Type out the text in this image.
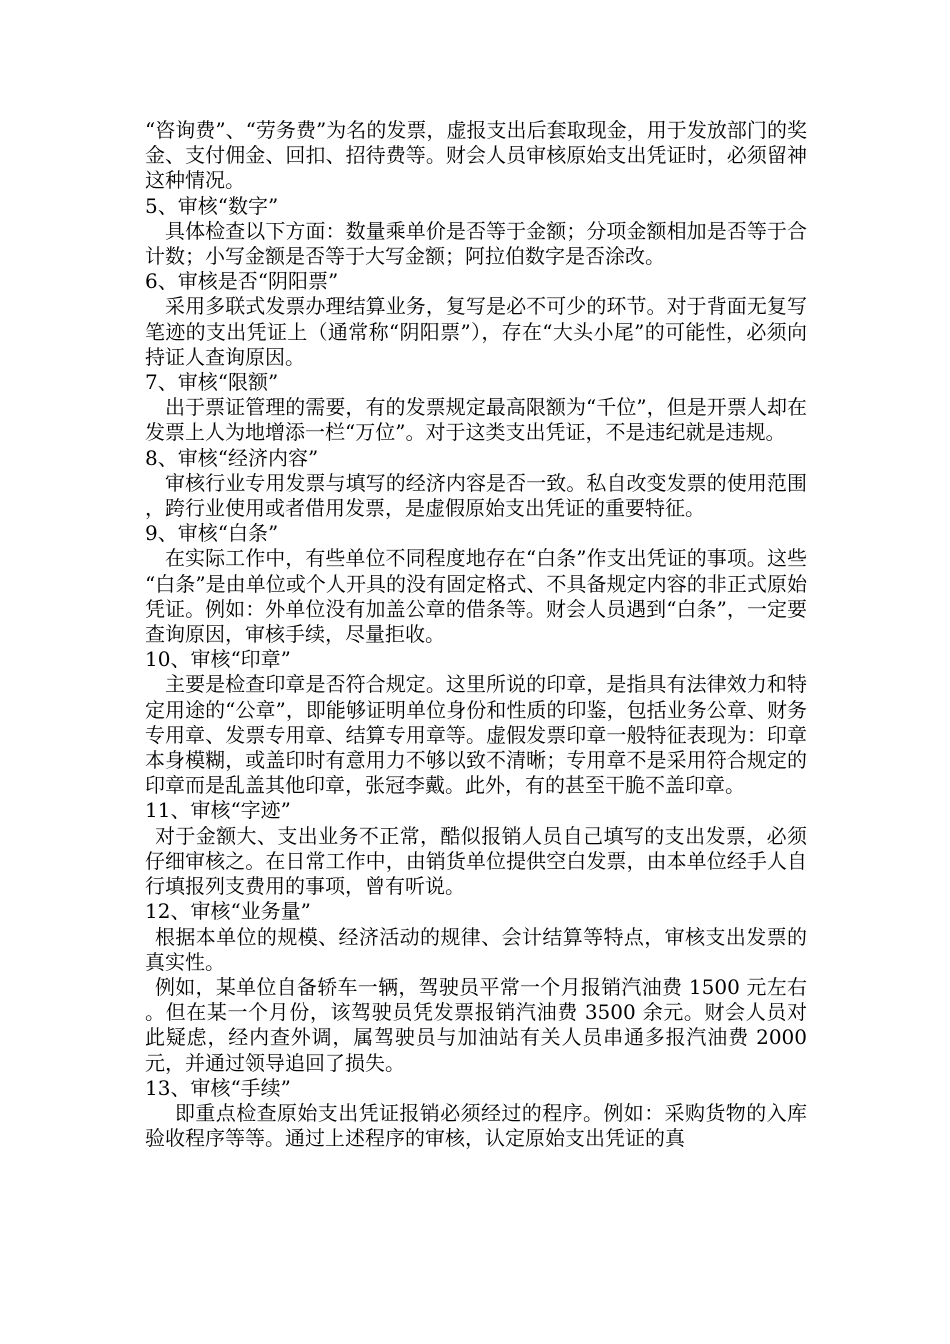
“咨询费”、“劳务费”为名的发票，虚报支出后套取现金，用于发放部门的奖金、支付佣金、回扣、招待费等。财会人员审核原始支出凭证时，必须留神这种情况。

5、审核“数字”

具体检查以下方面：数量乘单价是否等于金额；分项金额相加是否等于合计数；小写金额是否等于大写金额；阿拉伯数字是否涂改。

6、审核是否“阴阳票”

采用多联式发票办理结算业务，复写是必不可少的环节。对于背面无复写笔迹的支出凭证上（通常称“阴阳票”），存在“大头小尾”的可能性，必须向持证人查询原因。

7、审核“限额”

出于票证管理的需要，有的发票规定最高限额为“千位”，但是开票人却在发票上人为地增添一栏“万位”。对于这类支出凭证，不是违纪就是违规。

8、审核“经济内容”

审核行业专用发票与填写的经济内容是否一致。私自改变发票的使用范围，跨行业使用或者借用发票，是虚假原始支出凭证的重要特征。

9、审核“白条”

在实际工作中，有些单位不同程度地存在“白条”作支出凭证的事项。这些“白条”是由单位或个人开具的没有固定格式、不具备规定内容的非正式原始凭证。例如：外单位没有加盖公章的借条等。财会人员遇到“白条”，一定要查询原因，审核手续，尽量拒收。

10、审核“印章”

主要是检查印章是否符合规定。这里所说的印章，是指具有法律效力和特定用途的“公章”，即能够证明单位身份和性质的印鉴，包括业务公章、财务专用章、发票专用章、结算专用章等。虚假发票印章一般特征表现为：印章本身模糊，或盖印时有意用力不够以致不清晰；专用章不是采用符合规定的印章而是乱盖其他印章，张冠李戴。此外，有的甚至干脆不盖印章。

11、审核“字迹”

对于金额大、支出业务不正常，酷似报销人员自己填写的支出发票，必须仔细审核之。在日常工作中，由销货单位提供空白发票，由本单位经手人自行填报列支费用的事项，曾有听说。

12、审核“业务量”

根据本单位的规模、经济活动的规律、会计结算等特点，审核支出发票的真实性。

例如，某单位自备轿车一辆，驾驶员平常一个月报销汽油费 1500 元左右。但在某一个月份，该驾驶员凭发票报销汽油费 3500 余元。财会人员对此疑虑，经内查外调，属驾驶员与加油站有关人员串通多报汽油费 2000 元，并通过领导追回了损失。

13、审核“手续”

即重点检查原始支出凭证报销必须经过的程序。例如：采购货物的入库验收程序等等。通过上述程序的审核，认定原始支出凭证的真
